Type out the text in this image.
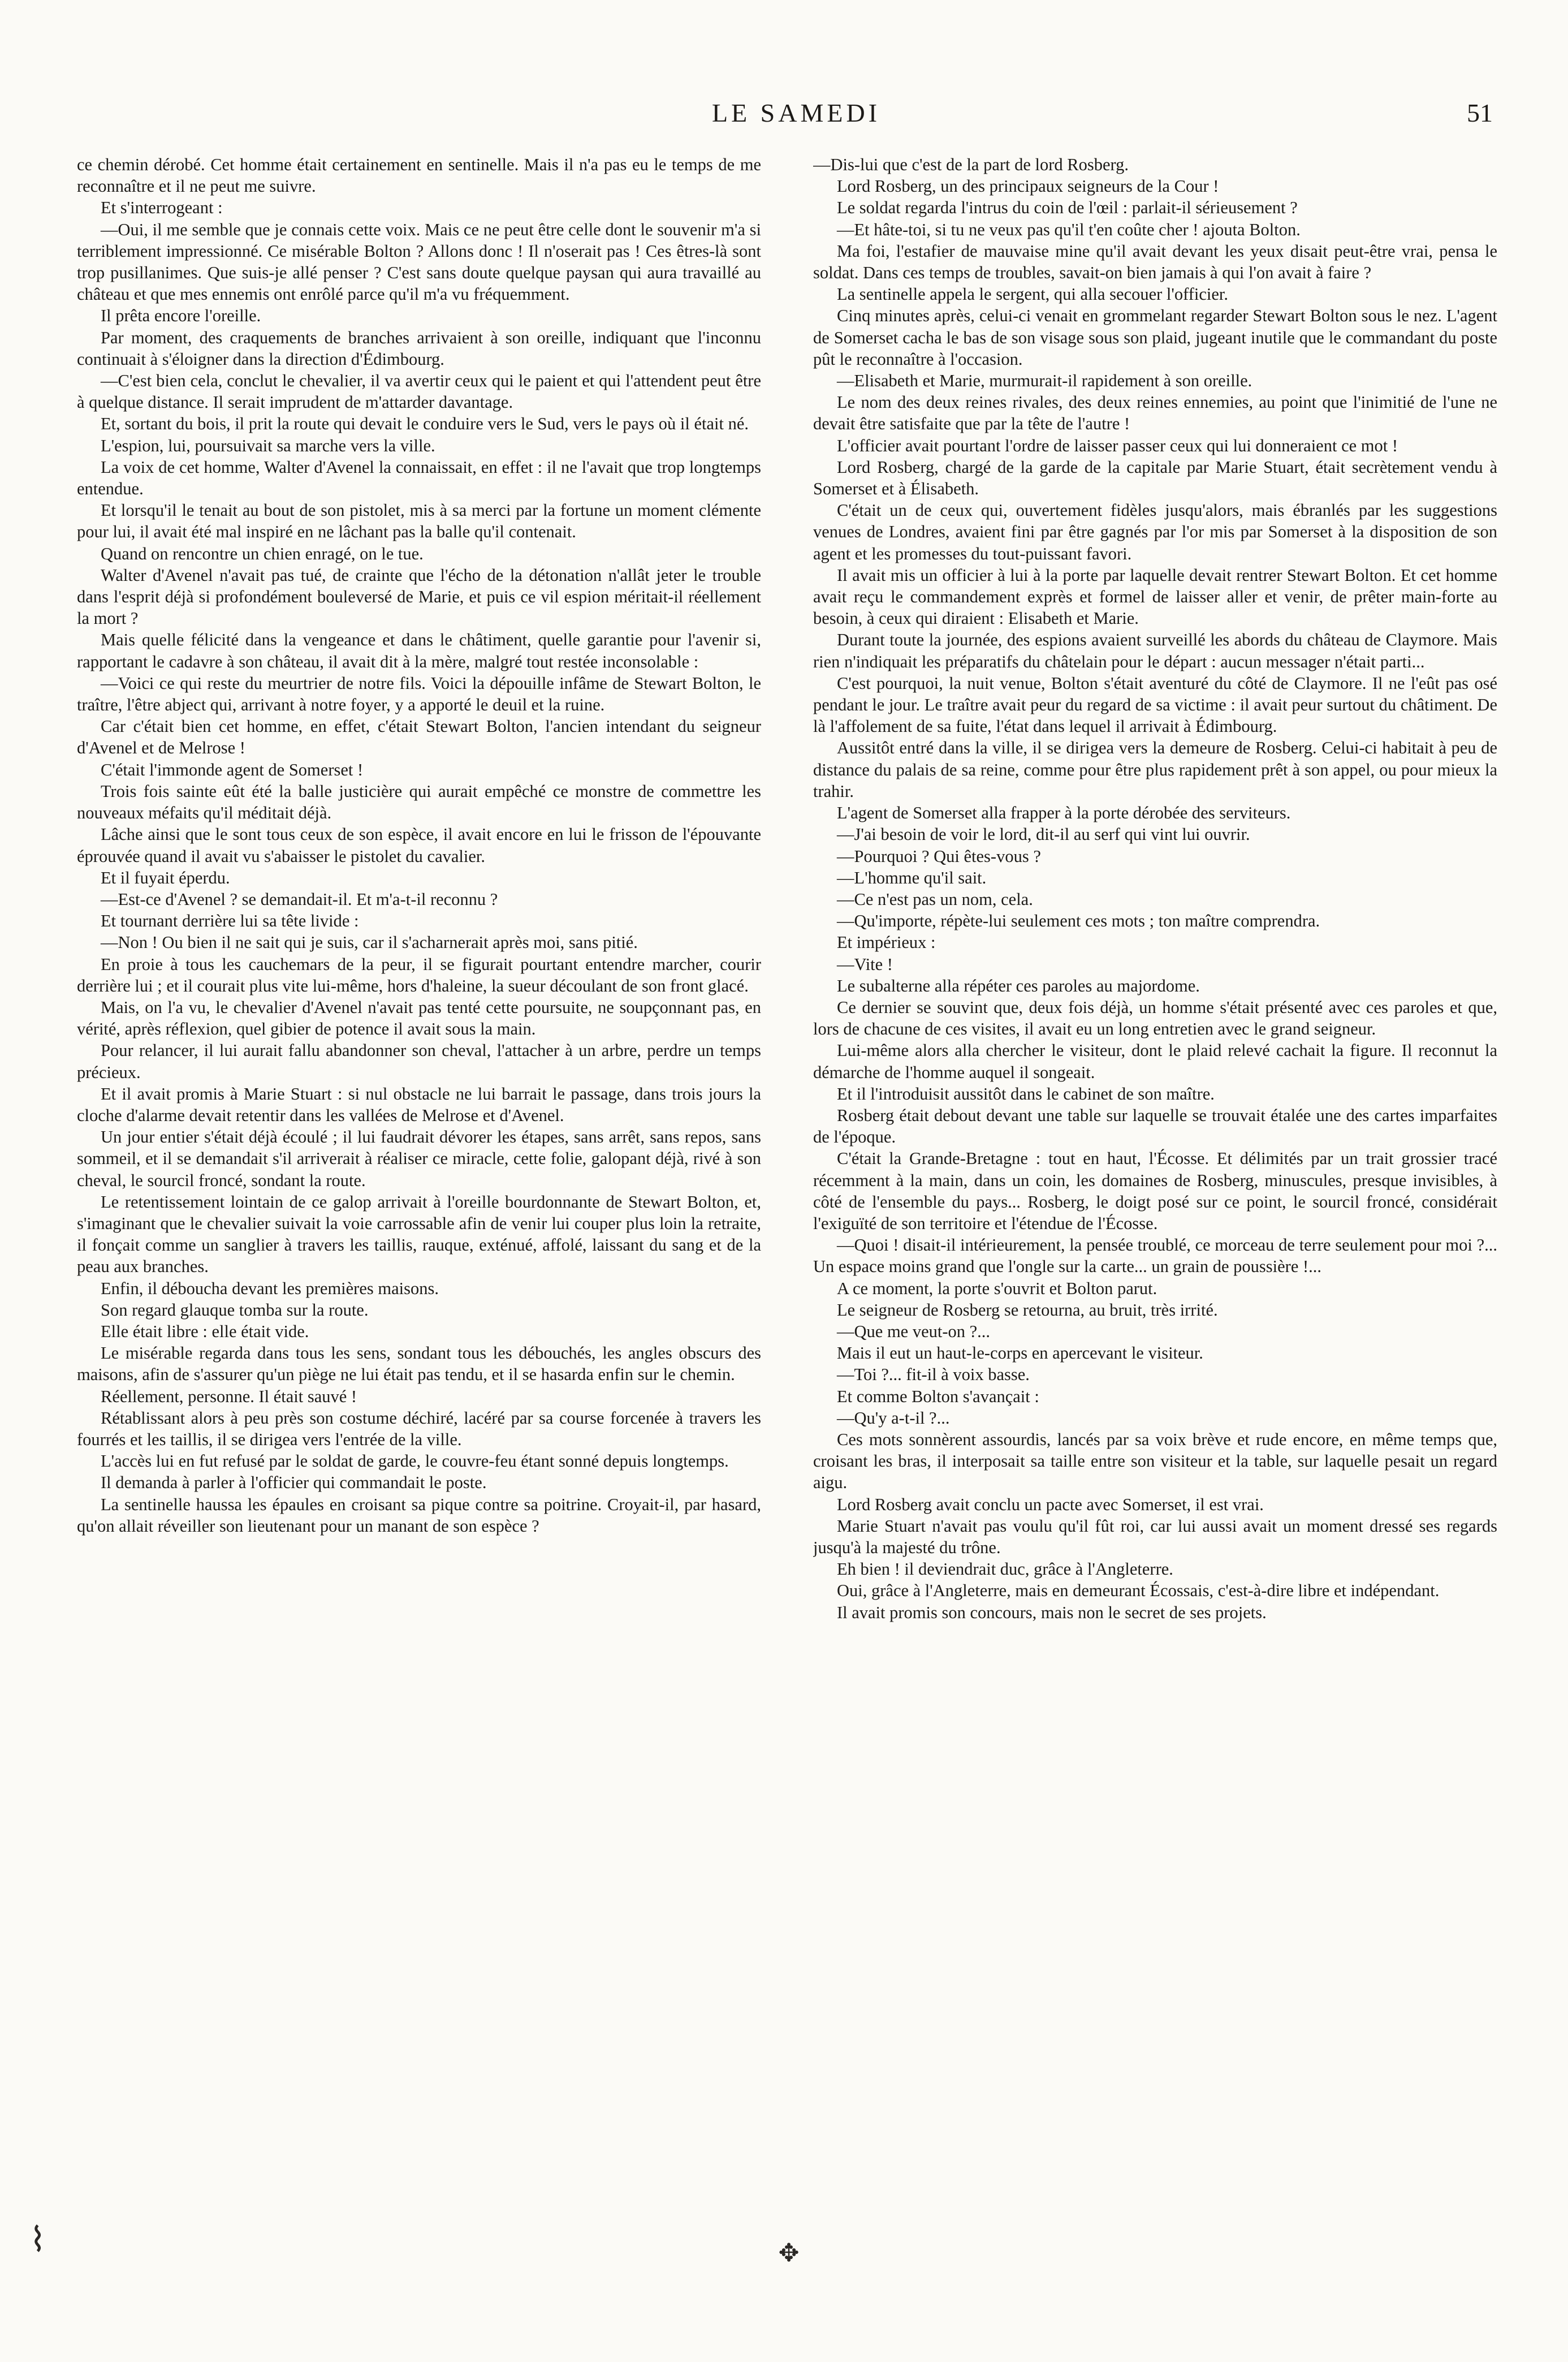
LE SAMEDI	51

ce chemin dérobé. Cet homme était certainement en sentinelle. Mais il n'a pas eu le temps de me reconnaître et il ne peut me suivre.

Et s'interrogeant :

—Oui, il me semble que je connais cette voix. Mais ce ne peut être celle dont le souvenir m'a si terriblement impressionné. Ce misérable Bolton ? Allons donc ! Il n'oserait pas ! Ces êtres-là sont trop pusillanimes. Que suis-je allé penser ? C'est sans doute quelque paysan qui aura travaillé au château et que mes ennemis ont enrôlé parce qu'il m'a vu fréquemment.

Il prêta encore l'oreille.

Par moment, des craquements de branches arrivaient à son oreille, indiquant que l'inconnu continuait à s'éloigner dans la direction d'Édimbourg.

—C'est bien cela, conclut le chevalier, il va avertir ceux qui le paient et qui l'attendent peut être à quelque distance. Il serait imprudent de m'attarder davantage.

Et, sortant du bois, il prit la route qui devait le conduire vers le Sud, vers le pays où il était né.

L'espion, lui, poursuivait sa marche vers la ville.

La voix de cet homme, Walter d'Avenel la connaissait, en effet : il ne l'avait que trop longtemps entendue.

Et lorsqu'il le tenait au bout de son pistolet, mis à sa merci par la fortune un moment clémente pour lui, il avait été mal inspiré en ne lâchant pas la balle qu'il contenait.

Quand on rencontre un chien enragé, on le tue.

Walter d'Avenel n'avait pas tué, de crainte que l'écho de la détonation n'allât jeter le trouble dans l'esprit déjà si profondément bouleversé de Marie, et puis ce vil espion méritait-il réellement la mort ?

Mais quelle félicité dans la vengeance et dans le châtiment, quelle garantie pour l'avenir si, rapportant le cadavre à son château, il avait dit à la mère, malgré tout restée inconsolable :

—Voici ce qui reste du meurtrier de notre fils. Voici la dépouille infâme de Stewart Bolton, le traître, l'être abject qui, arrivant à notre foyer, y a apporté le deuil et la ruine.

Car c'était bien cet homme, en effet, c'était Stewart Bolton, l'ancien intendant du seigneur d'Avenel et de Melrose !

C'était l'immonde agent de Somerset !

Trois fois sainte eût été la balle justicière qui aurait empêché ce monstre de commettre les nouveaux méfaits qu'il méditait déjà.

Lâche ainsi que le sont tous ceux de son espèce, il avait encore en lui le frisson de l'épouvante éprouvée quand il avait vu s'abaisser le pistolet du cavalier.

Et il fuyait éperdu.

—Est-ce d'Avenel ? se demandait-il. Et m'a-t-il reconnu ?

Et tournant derrière lui sa tête livide :

—Non ! Ou bien il ne sait qui je suis, car il s'acharnerait après moi, sans pitié.

En proie à tous les cauchemars de la peur, il se figurait pourtant entendre marcher, courir derrière lui ; et il courait plus vite lui-même, hors d'haleine, la sueur découlant de son front glacé.

Mais, on l'a vu, le chevalier d'Avenel n'avait pas tenté cette poursuite, ne soupçonnant pas, en vérité, après réflexion, quel gibier de potence il avait sous la main.

Pour relancer, il lui aurait fallu abandonner son cheval, l'attacher à un arbre, perdre un temps précieux.

Et il avait promis à Marie Stuart : si nul obstacle ne lui barrait le passage, dans trois jours la cloche d'alarme devait retentir dans les vallées de Melrose et d'Avenel.

Un jour entier s'était déjà écoulé ; il lui faudrait dévorer les étapes, sans arrêt, sans repos, sans sommeil, et il se demandait s'il arriverait à réaliser ce miracle, cette folie, galopant déjà, rivé à son cheval, le sourcil froncé, sondant la route.

Le retentissement lointain de ce galop arrivait à l'oreille bourdonnante de Stewart Bolton, et, s'imaginant que le chevalier suivait la voie carrossable afin de venir lui couper plus loin la retraite, il fonçait comme un sanglier à travers les taillis, rauque, exténué, affolé, laissant du sang et de la peau aux branches.

Enfin, il déboucha devant les premières maisons.

Son regard glauque tomba sur la route.

Elle était libre : elle était vide.

Le misérable regarda dans tous les sens, sondant tous les débouchés, les angles obscurs des maisons, afin de s'assurer qu'un piège ne lui était pas tendu, et il se hasarda enfin sur le chemin.

Réellement, personne. Il était sauvé !

Rétablissant alors à peu près son costume déchiré, lacéré par sa course forcenée à travers les fourrés et les taillis, il se dirigea vers l'entrée de la ville.

L'accès lui en fut refusé par le soldat de garde, le couvre-feu étant sonné depuis longtemps.

Il demanda à parler à l'officier qui commandait le poste.

La sentinelle haussa les épaules en croisant sa pique contre sa poitrine. Croyait-il, par hasard, qu'on allait réveiller son lieutenant pour un manant de son espèce ?

—Dis-lui que c'est de la part de lord Rosberg.

Lord Rosberg, un des principaux seigneurs de la Cour !

Le soldat regarda l'intrus du coin de l'œil : parlait-il sérieusement ?

—Et hâte-toi, si tu ne veux pas qu'il t'en coûte cher ! ajouta Bolton.

Ma foi, l'estafier de mauvaise mine qu'il avait devant les yeux disait peut-être vrai, pensa le soldat. Dans ces temps de troubles, savait-on bien jamais à qui l'on avait à faire ?

La sentinelle appela le sergent, qui alla secouer l'officier.

Cinq minutes après, celui-ci venait en grommelant regarder Stewart Bolton sous le nez. L'agent de Somerset cacha le bas de son visage sous son plaid, jugeant inutile que le commandant du poste pût le reconnaître à l'occasion.

—Elisabeth et Marie, murmurait-il rapidement à son oreille.

Le nom des deux reines rivales, des deux reines ennemies, au point que l'inimitié de l'une ne devait être satisfaite que par la tête de l'autre !

L'officier avait pourtant l'ordre de laisser passer ceux qui lui donneraient ce mot !

Lord Rosberg, chargé de la garde de la capitale par Marie Stuart, était secrètement vendu à Somerset et à Élisabeth.

C'était un de ceux qui, ouvertement fidèles jusqu'alors, mais ébranlés par les suggestions venues de Londres, avaient fini par être gagnés par l'or mis par Somerset à la disposition de son agent et les promesses du tout-puissant favori.

Il avait mis un officier à lui à la porte par laquelle devait rentrer Stewart Bolton. Et cet homme avait reçu le commandement exprès et formel de laisser aller et venir, de prêter main-forte au besoin, à ceux qui diraient : Elisabeth et Marie.

Durant toute la journée, des espions avaient surveillé les abords du château de Claymore. Mais rien n'indiquait les préparatifs du châtelain pour le départ : aucun messager n'était parti...

C'est pourquoi, la nuit venue, Bolton s'était aventuré du côté de Claymore. Il ne l'eût pas osé pendant le jour. Le traître avait peur du regard de sa victime : il avait peur surtout du châtiment. De là l'affolement de sa fuite, l'état dans lequel il arrivait à Édimbourg.

Aussitôt entré dans la ville, il se dirigea vers la demeure de Rosberg. Celui-ci habitait à peu de distance du palais de sa reine, comme pour être plus rapidement prêt à son appel, ou pour mieux la trahir.

L'agent de Somerset alla frapper à la porte dérobée des serviteurs.

—J'ai besoin de voir le lord, dit-il au serf qui vint lui ouvrir.

—Pourquoi ? Qui êtes-vous ?

—L'homme qu'il sait.

—Ce n'est pas un nom, cela.

—Qu'importe, répète-lui seulement ces mots ; ton maître comprendra.

Et impérieux :

—Vite !

Le subalterne alla répéter ces paroles au majordome.

Ce dernier se souvint que, deux fois déjà, un homme s'était présenté avec ces paroles et que, lors de chacune de ces visites, il avait eu un long entretien avec le grand seigneur.

Lui-même alors alla chercher le visiteur, dont le plaid relevé cachait la figure. Il reconnut la démarche de l'homme auquel il songeait.

Et il l'introduisit aussitôt dans le cabinet de son maître.

Rosberg était debout devant une table sur laquelle se trouvait étalée une des cartes imparfaites de l'époque.

C'était la Grande-Bretagne : tout en haut, l'Écosse. Et délimités par un trait grossier tracé récemment à la main, dans un coin, les domaines de Rosberg, minuscules, presque invisibles, à côté de l'ensemble du pays... Rosberg, le doigt posé sur ce point, le sourcil froncé, considérait l'exiguïté de son territoire et l'étendue de l'Écosse.

—Quoi ! disait-il intérieurement, la pensée troublé, ce morceau de terre seulement pour moi ?... Un espace moins grand que l'ongle sur la carte... un grain de poussière !...

A ce moment, la porte s'ouvrit et Bolton parut.

Le seigneur de Rosberg se retourna, au bruit, très irrité.

—Que me veut-on ?...

Mais il eut un haut-le-corps en apercevant le visiteur.

—Toi ?... fit-il à voix basse.

Et comme Bolton s'avançait :

—Qu'y a-t-il ?...

Ces mots sonnèrent assourdis, lancés par sa voix brève et rude encore, en même temps que, croisant les bras, il interposait sa taille entre son visiteur et la table, sur laquelle pesait un regard aigu.

Lord Rosberg avait conclu un pacte avec Somerset, il est vrai.

Marie Stuart n'avait pas voulu qu'il fût roi, car lui aussi avait un moment dressé ses regards jusqu'à la majesté du trône.

Eh bien ! il deviendrait duc, grâce à l'Angleterre.

Oui, grâce à l'Angleterre, mais en demeurant Écossais, c'est-à-dire libre et indépendant.

Il avait promis son concours, mais non le secret de ses projets.

⌇	✥
